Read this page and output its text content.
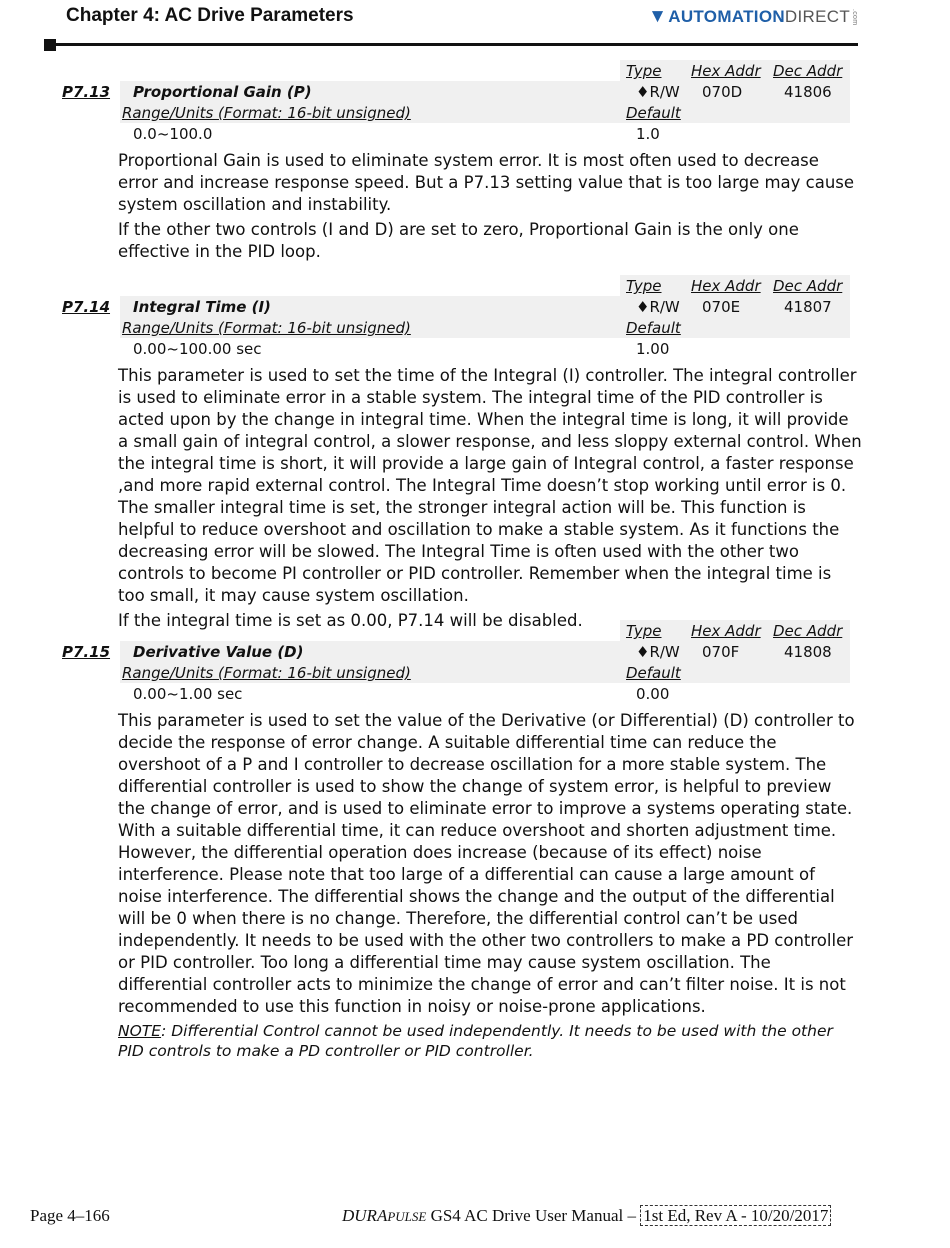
Chapter 4: AC Drive Parameters	▼ AUTOMATION DIRECT .com
Type Hex Addr Dec Addr
P7.13 Proportional Gain (P)	♦R/W 070D	41806
Range/Units (Format: 16-bit unsigned)	Default
0.0~100.0	1.0

Proportional Gain is used to eliminate system error. It is most often used to decrease error and increase response speed. But a P7.13 setting value that is too large may cause system oscillation and instability.

If the other two controls (I and D) are set to zero, Proportional Gain is the only one effective in the PID loop.

Type Hex Addr Dec Addr
P7.14 Integral Time (I)	♦R/W 070E	41807
Range/Units (Format: 16-bit unsigned)	Default
0.00~100.00 sec	1.00

This parameter is used to set the time of the Integral (I) controller. The integral controller is used to eliminate error in a stable system. The integral time of the PID controller is acted upon by the change in integral time. When the integral time is long, it will provide a small gain of integral control, a slower response, and less sloppy external control. When the integral time is short, it will provide a large gain of Integral control, a faster response ,and more rapid external control. The Integral Time doesn’t stop working until error is 0. The smaller integral time is set, the stronger integral action will be. This function is helpful to reduce overshoot and oscillation to make a stable system. As it functions the decreasing error will be slowed. The Integral Time is often used with the other two controls to become PI controller or PID controller. Remember when the integral time is too small, it may cause system oscillation.

If the integral time is set as 0.00, P7.14 will be disabled.

Type Hex Addr Dec Addr
P7.15 Derivative Value (D)	♦R/W 070F	41808
Range/Units (Format: 16-bit unsigned)	Default
0.00~1.00 sec	0.00

This parameter is used to set the value of the Derivative (or Differential) (D) controller to decide the response of error change. A suitable differential time can reduce the overshoot of a P and I controller to decrease oscillation for a more stable system. The differential controller is used to show the change of system error, is helpful to preview the change of error, and is used to eliminate error to improve a systems operating state. With a suitable differential time, it can reduce overshoot and shorten adjustment time. However, the differential operation does increase (because of its effect) noise interference. Please note that too large of a differential can cause a large amount of noise interference. The differential shows the change and the output of the differential will be 0 when there is no change. Therefore, the differential control can’t be used independently. It needs to be used with the other two controllers to make a PD controller or PID controller. Too long a differential time may cause system oscillation. The differential controller acts to minimize the change of error and can’t filter noise. It is not recommended to use this function in noisy or noise-prone applications.

NOTE: Differential Control cannot be used independently. It needs to be used with the other PID controls to make a PD controller or PID controller.

Page 4–166	DURAPULSE GS4 AC Drive User Manual – 1st Ed, Rev A - 10/20/2017
